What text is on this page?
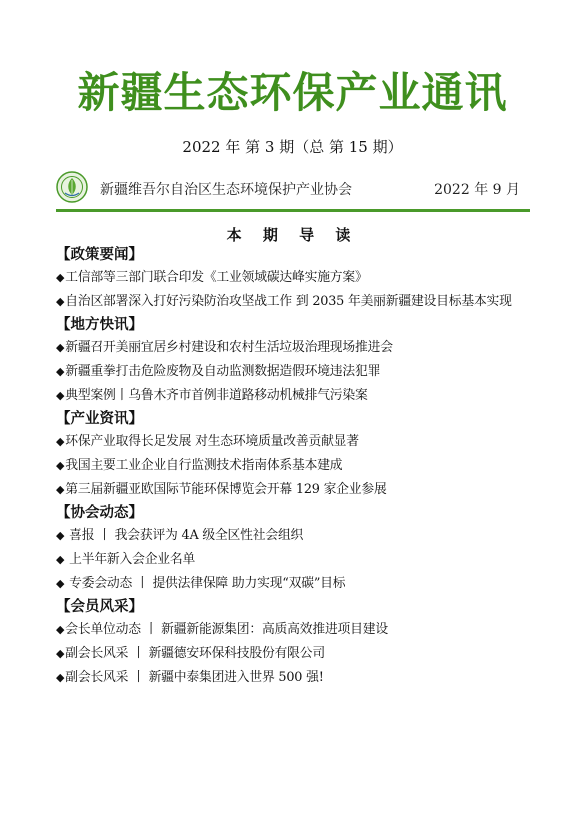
新疆生态环保产业通讯
2022 年 第 3 期（总 第 15 期）
新疆维吾尔自治区生态环境保护产业协会	2022 年 9 月
本 期 导 读
【政策要闻】
◆工信部等三部门联合印发《工业领域碳达峰实施方案》
◆自治区部署深入打好污染防治攻坚战工作 到 2035 年美丽新疆建设目标基本实现
【地方快讯】
◆新疆召开美丽宜居乡村建设和农村生活垃圾治理现场推进会
◆新疆重拳打击危险废物及自动监测数据造假环境违法犯罪
◆典型案例丨乌鲁木齐市首例非道路移动机械排气污染案
【产业资讯】
◆环保产业取得长足发展 对生态环境质量改善贡献显著
◆我国主要工业企业自行监测技术指南体系基本建成
◆第三届新疆亚欧国际节能环保博览会开幕 129 家企业参展
【协会动态】
◆ 喜报 丨 我会获评为 4A 级全区性社会组织
◆ 上半年新入会企业名单
◆ 专委会动态 丨 提供法律保障 助力实现“双碳”目标
【会员风采】
◆会长单位动态 丨 新疆新能源集团：高质高效推进项目建设
◆副会长风采 丨 新疆德安环保科技股份有限公司
◆副会长风采 丨 新疆中泰集团进入世界 500 强!
